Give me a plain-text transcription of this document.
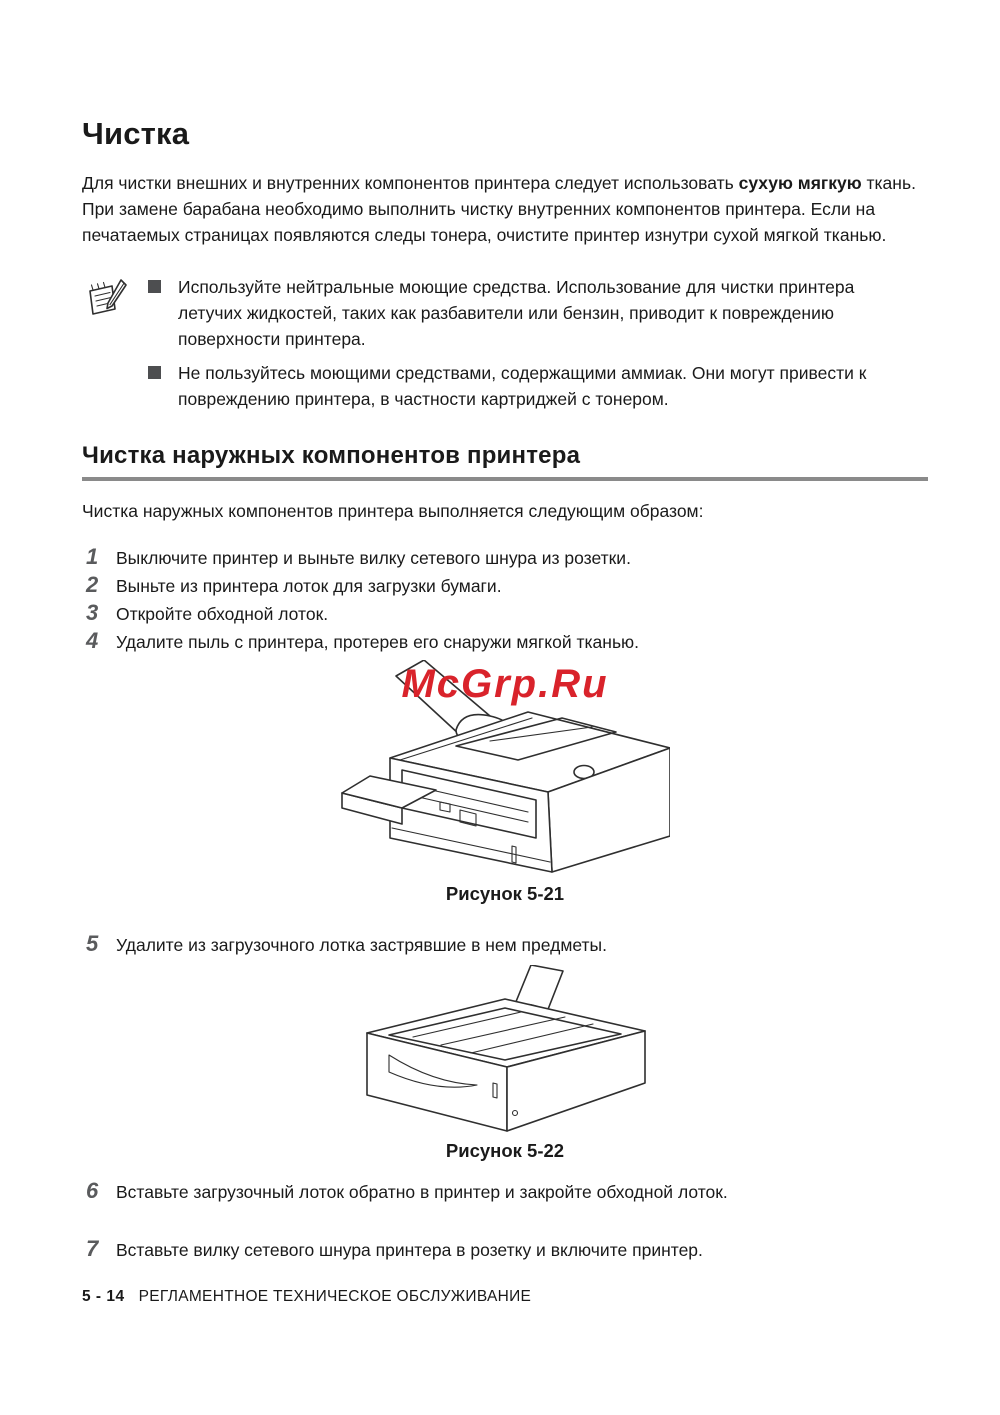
Чистка

Для чистки внешних и внутренних компонентов принтера следует использовать сухую мягкую ткань. При замене барабана необходимо выполнить чистку внутренних компонентов принтера. Если на печатаемых страницах появляются следы тонера, очистите принтер изнутри сухой мягкой тканью.

Используйте нейтральные моющие средства. Использование для чистки принтера летучих жидкостей, таких как разбавители или бензин, приводит к повреждению поверхности принтера.
Не пользуйтесь моющими средствами, содержащими аммиак. Они могут привести к повреждению принтера, в частности картриджей с тонером.
Чистка наружных компонентов принтера

Чистка наружных компонентов принтера выполняется следующим образом:

1	Выключите принтер и выньте вилку сетевого шнура из розетки.
2	Выньте из принтера лоток для загрузки бумаги.
3	Откройте обходной лоток.
4	Удалите пыль с принтера, протерев его снаружи мягкой тканью.
McGrp.Ru
Рисунок 5-21
5	Удалите из загрузочного лотка застрявшие в нем предметы.
Рисунок 5-22
6	Вставьте загрузочный лоток обратно в принтер и закройте обходной лоток.
7	Вставьте вилку сетевого шнура принтера в розетку и включите принтер.
5 - 14 РЕГЛАМЕНТНОЕ ТЕХНИЧЕСКОЕ ОБСЛУЖИВАНИЕ
